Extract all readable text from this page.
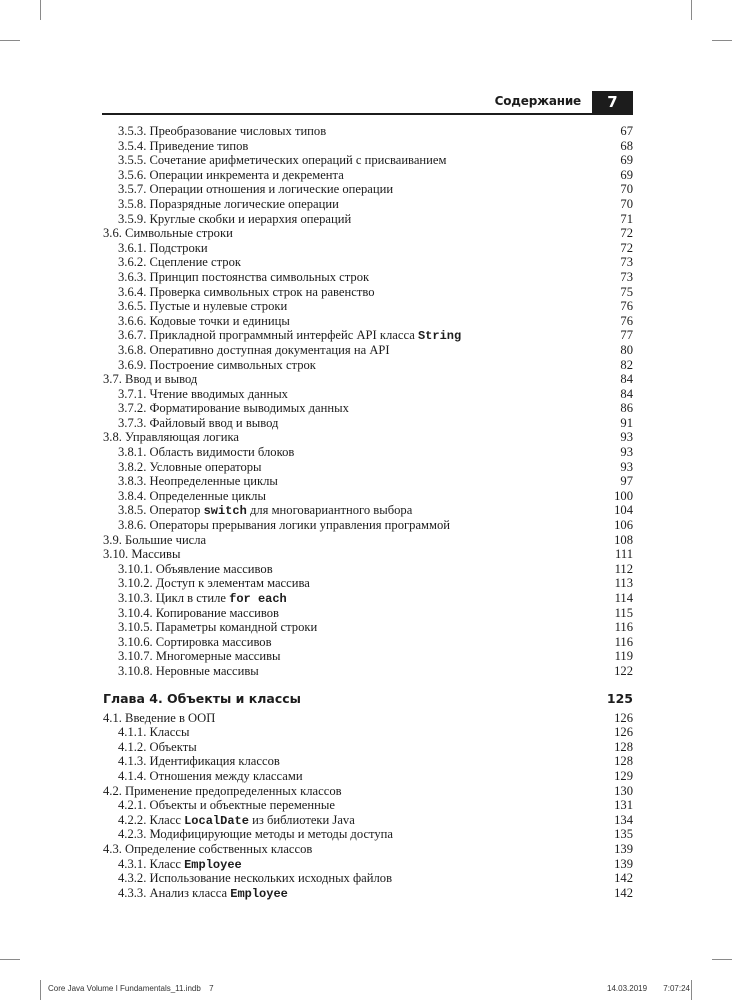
Содержание	7
3.5.3. Преобразование числовых типов	67
3.5.4. Приведение типов	68
3.5.5. Сочетание арифметических операций с присваиванием	69
3.5.6. Операции инкремента и декремента	69
3.5.7. Операции отношения и логические операции	70
3.5.8. Поразрядные логические операции	70
3.5.9. Круглые скобки и иерархия операций	71
3.6. Символьные строки	72
3.6.1. Подстроки	72
3.6.2. Сцепление строк	73
3.6.3. Принцип постоянства символьных строк	73
3.6.4. Проверка символьных строк на равенство	75
3.6.5. Пустые и нулевые строки	76
3.6.6. Кодовые точки и единицы	76
3.6.7. Прикладной программный интерфейс API класса String	77
3.6.8. Оперативно доступная документация на API	80
3.6.9. Построение символьных строк	82
3.7. Ввод и вывод	84
3.7.1. Чтение вводимых данных	84
3.7.2. Форматирование выводимых данных	86
3.7.3. Файловый ввод и вывод	91
3.8. Управляющая логика	93
3.8.1. Область видимости блоков	93
3.8.2. Условные операторы	93
3.8.3. Неопределенные циклы	97
3.8.4. Определенные циклы	100
3.8.5. Оператор switch для многовариантного выбора	104
3.8.6. Операторы прерывания логики управления программой	106
3.9. Большие числа	108
3.10. Массивы	111
3.10.1. Объявление массивов	112
3.10.2. Доступ к элементам массива	113
3.10.3. Цикл в стиле for each	114
3.10.4. Копирование массивов	115
3.10.5. Параметры командной строки	116
3.10.6. Сортировка массивов	116
3.10.7. Многомерные массивы	119
3.10.8. Неровные массивы	122
Глава 4. Объекты и классы	125
4.1. Введение в ООП	126
4.1.1. Классы	126
4.1.2. Объекты	128
4.1.3. Идентификация классов	128
4.1.4. Отношения между классами	129
4.2. Применение предопределенных классов	130
4.2.1. Объекты и объектные переменные	131
4.2.2. Класс LocalDate из библиотеки Java	134
4.2.3. Модифицирующие методы и методы доступа	135
4.3. Определение собственных классов	139
4.3.1. Класс Employee	139
4.3.2. Использование нескольких исходных файлов	142
4.3.3. Анализ класса Employee	142
Core Java Volume I Fundamentals_11.indb 7	14.03.2019 7:07:24
